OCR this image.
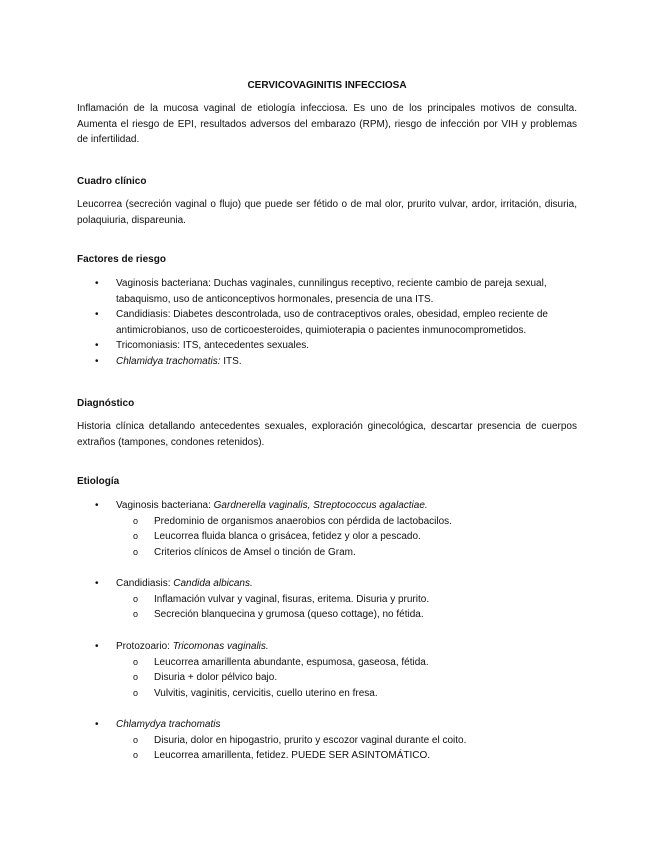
CERVICOVAGINITIS INFECCIOSA
Inflamación de la mucosa vaginal de etiología infecciosa. Es uno de los principales motivos de consulta. Aumenta el riesgo de EPI, resultados adversos del embarazo (RPM), riesgo de infección por VIH y problemas de infertilidad.
Cuadro clínico
Leucorrea (secreción vaginal o flujo) que puede ser fétido o de mal olor, prurito vulvar, ardor, irritación, disuria, polaquiuria, dispareunia.
Factores de riesgo
• Vaginosis bacteriana: Duchas vaginales, cunnilingus receptivo, reciente cambio de pareja sexual, tabaquismo, uso de anticonceptivos hormonales, presencia de una ITS.
• Candidiasis: Diabetes descontrolada, uso de contraceptivos orales, obesidad, empleo reciente de antimicrobianos, uso de corticoesteroides, quimioterapia o pacientes inmunocomprometidos.
• Tricomoniasis: ITS, antecedentes sexuales.
• Chlamidya trachomatis: ITS.
Diagnóstico
Historia clínica detallando antecedentes sexuales, exploración ginecológica, descartar presencia de cuerpos extraños (tampones, condones retenidos).
Etiología
• Vaginosis bacteriana: Gardnerella vaginalis, Streptococcus agalactiae.
o Predominio de organismos anaerobios con pérdida de lactobacilos.
o Leucorrea fluida blanca o grisácea, fetidez y olor a pescado.
o Criterios clínicos de Amsel o tinción de Gram.
• Candidiasis: Candida albicans.
o Inflamación vulvar y vaginal, fisuras, eritema. Disuria y prurito.
o Secreción blanquecina y grumosa (queso cottage), no fétida.
• Protozoario: Tricomonas vaginalis.
o Leucorrea amarillenta abundante, espumosa, gaseosa, fétida.
o Disuria + dolor pélvico bajo.
o Vulvitis, vaginitis, cervicitis, cuello uterino en fresa.
• Chlamydya trachomatis
o Disuria, dolor en hipogastrio, prurito y escozor vaginal durante el coito.
o Leucorrea amarillenta, fetidez. PUEDE SER ASINTOMÁTICO.
